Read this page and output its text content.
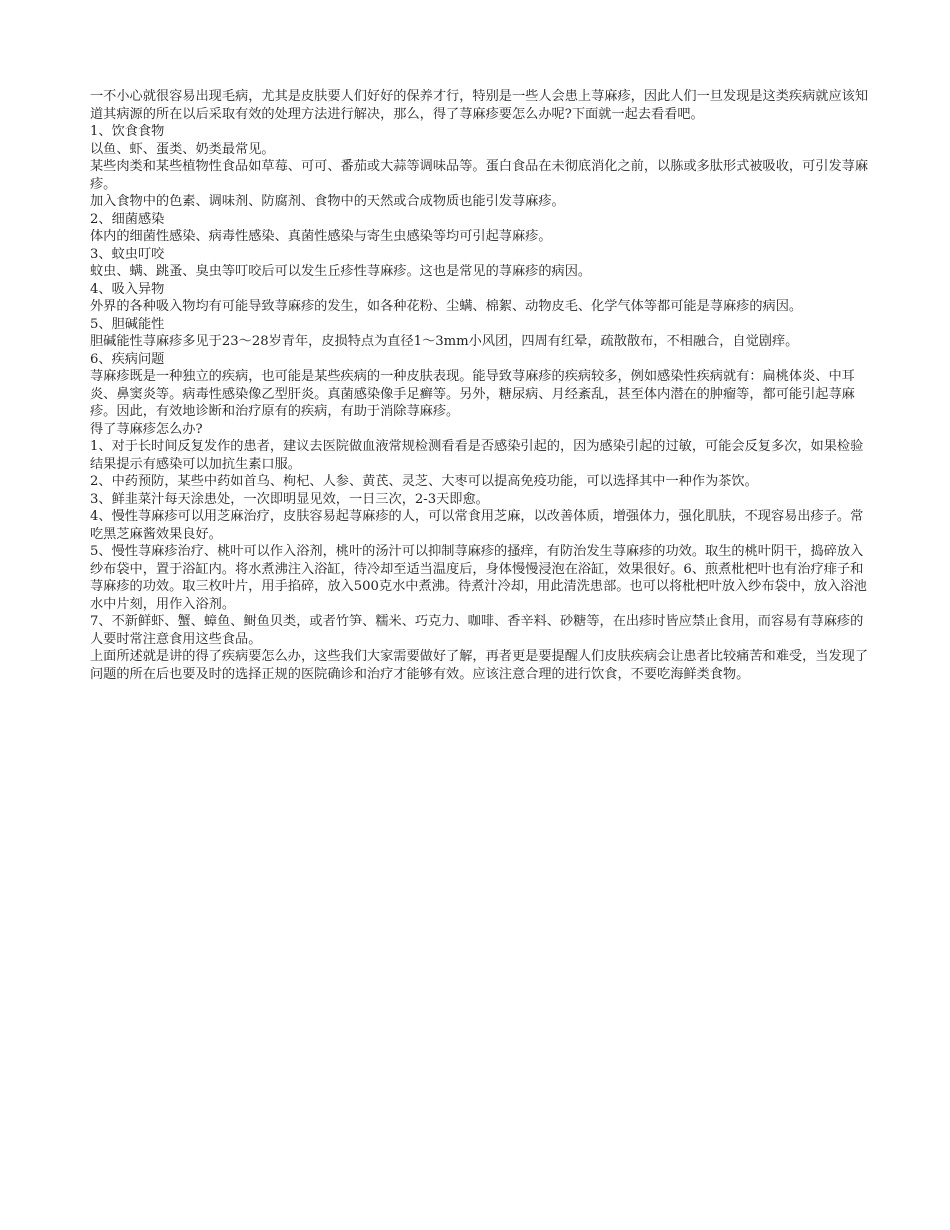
一不小心就很容易出现毛病，尤其是皮肤要人们好好的保养才行，特别是一些人会患上荨麻疹，因此人们一旦发现是这类疾病就应该知道其病源的所在以后采取有效的处理方法进行解决，那么，得了荨麻疹要怎么办呢?下面就一起去看看吧。

1、饮食食物

以鱼、虾、蛋类、奶类最常见。

某些肉类和某些植物性食品如草莓、可可、番茄或大蒜等调味品等。蛋白食品在未彻底消化之前，以胨或多肽形式被吸收，可引发荨麻疹。

加入食物中的色素、调味剂、防腐剂、食物中的天然或合成物质也能引发荨麻疹。

2、细菌感染

体内的细菌性感染、病毒性感染、真菌性感染与寄生虫感染等均可引起荨麻疹。

3、蚊虫叮咬

蚊虫、螨、跳蚤、臭虫等叮咬后可以发生丘疹性荨麻疹。这也是常见的荨麻疹的病因。

4、吸入异物

外界的各种吸入物均有可能导致荨麻疹的发生，如各种花粉、尘螨、棉絮、动物皮毛、化学气体等都可能是荨麻疹的病因。

5、胆碱能性

胆碱能性荨麻疹多见于23～28岁青年，皮损特点为直径1～3mm小风团，四周有红晕，疏散散布，不相融合，自觉剧痒。

6、疾病问题

荨麻疹既是一种独立的疾病，也可能是某些疾病的一种皮肤表现。能导致荨麻疹的疾病较多，例如感染性疾病就有：扁桃体炎、中耳炎、鼻窦炎等。病毒性感染像乙型肝炎。真菌感染像手足癣等。另外，糖尿病、月经紊乱，甚至体内潜在的肿瘤等，都可能引起荨麻疹。因此，有效地诊断和治疗原有的疾病，有助于消除荨麻疹。

得了荨麻疹怎么办?

1、对于长时间反复发作的患者，建议去医院做血液常规检测看看是否感染引起的，因为感染引起的过敏，可能会反复多次，如果检验结果提示有感染可以加抗生素口服。

2、中药预防，某些中药如首乌、枸杞、人参、黄芪、灵芝、大枣可以提高免疫功能，可以选择其中一种作为茶饮。

3、鲜韭菜汁每天涂患处，一次即明显见效，一日三次，2-3天即愈。

4、慢性荨麻疹可以用芝麻治疗，皮肤容易起荨麻疹的人，可以常食用芝麻，以改善体质，增强体力，强化肌肤，不现容易出疹子。常吃黑芝麻酱效果良好。

5、慢性荨麻疹治疗、桃叶可以作入浴剂，桃叶的汤汁可以抑制荨麻疹的搔痒，有防治发生荨麻疹的功效。取生的桃叶阴干，捣碎放入纱布袋中，置于浴缸内。将水煮沸注入浴缸，待冷却至适当温度后，身体慢慢浸泡在浴缸，效果很好。6、煎煮枇杷叶也有治疗痱子和荨麻疹的功效。取三枚叶片，用手掐碎，放入500克水中煮沸。待煮汁冷却，用此清洗患部。也可以将枇杷叶放入纱布袋中，放入浴池水中片刻，用作入浴剂。

7、不新鲜虾、蟹、蟑鱼、鲥鱼贝类，或者竹笋、糯米、巧克力、咖啡、香辛料、砂糖等，在出疹时皆应禁止食用，而容易有荨麻疹的人要时常注意食用这些食品。

上面所述就是讲的得了疾病要怎么办，这些我们大家需要做好了解，再者更是要提醒人们皮肤疾病会让患者比较痛苦和难受，当发现了问题的所在后也要及时的选择正规的医院确诊和治疗才能够有效。应该注意合理的进行饮食，不要吃海鲜类食物。
